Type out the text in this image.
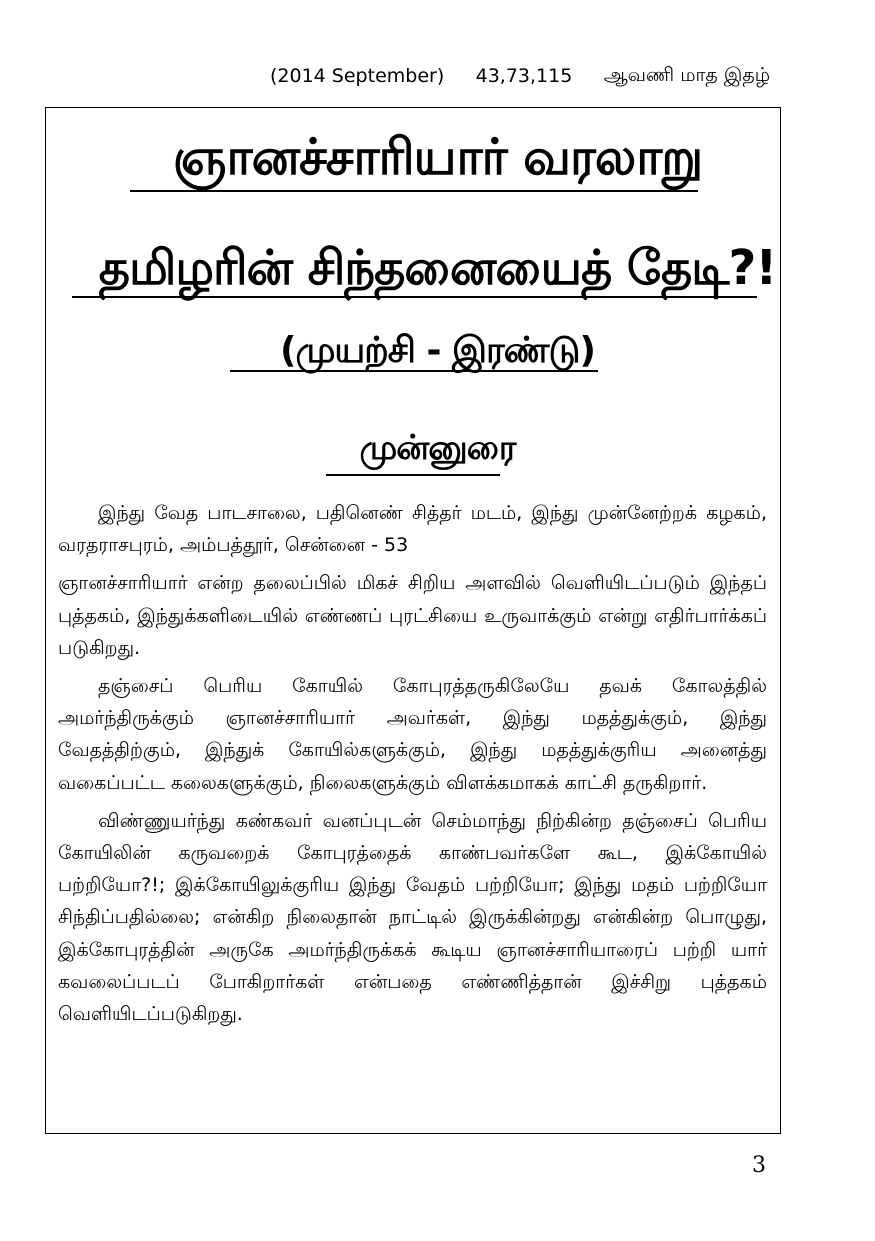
(2014 September) 43,73,115 ஆவணி மாத இதழ்
ஞானச்சாரியார் வரலாறு
தமிழரின் சிந்தனையைத் தேடி?!
(முயற்சி - இரண்டு)
முன்னுரை

இந்து வேத பாடசாலை, பதினெண் சித்தர் மடம், இந்து முன்னேற்றக் கழகம், வரதராசபுரம், அம்பத்தூர், சென்னை - 53

ஞானச்சாரியார் என்ற தலைப்பில் மிகச் சிறிய அளவில் வெளியிடப்படும் இந்தப் புத்தகம், இந்துக்களிடையில் எண்ணப் புரட்சியை உருவாக்கும் என்று எதிர்பார்க்கப் படுகிறது.

தஞ்சைப் பெரிய கோயில் கோபுரத்தருகிலேயே தவக் கோலத்தில் அமர்ந்திருக்கும் ஞானச்சாரியார் அவர்கள், இந்து மதத்துக்கும், இந்து வேதத்திற்கும், இந்துக் கோயில்களுக்கும், இந்து மதத்துக்குரிய அனைத்து வகைப்பட்ட கலைகளுக்கும், நிலைகளுக்கும் விளக்கமாகக் காட்சி தருகிறார்.

விண்ணுயர்ந்து கண்கவர் வனப்புடன் செம்மாந்து நிற்கின்ற தஞ்சைப் பெரிய கோயிலின் கருவறைக் கோபுரத்தைக் காண்பவர்களே கூட, இக்கோயில் பற்றியோ?!; இக்கோயிலுக்குரிய இந்து வேதம் பற்றியோ; இந்து மதம் பற்றியோ சிந்திப்பதில்லை; என்கிற நிலைதான் நாட்டில் இருக்கின்றது என்கின்ற பொழுது, இக்கோபுரத்தின் அருகே அமர்ந்திருக்கக் கூடிய ஞானச்சாரியாரைப் பற்றி யார் கவலைப்படப் போகிறார்கள் என்பதை எண்ணித்தான் இச்சிறு புத்தகம் வெளியிடப்படுகிறது.

3
